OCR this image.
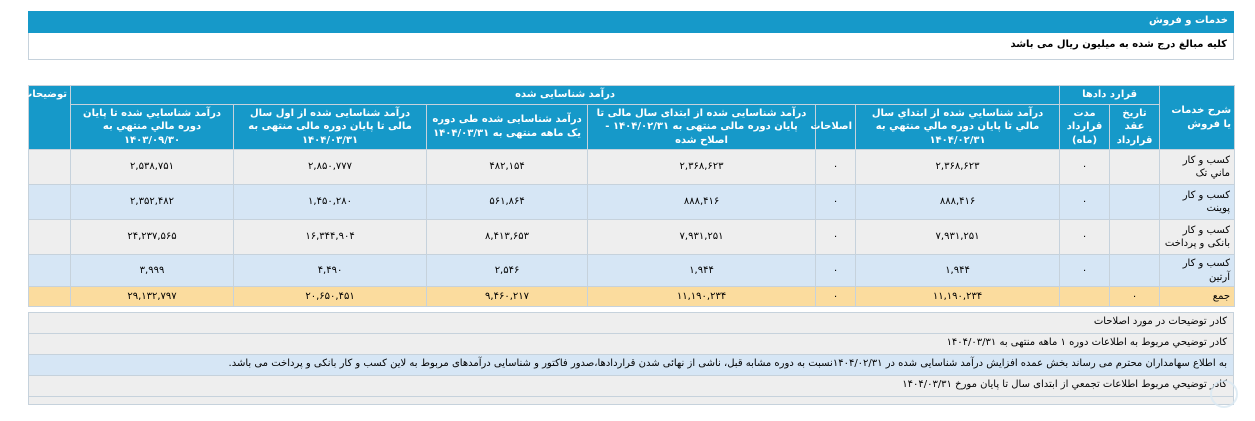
خدمات و فروش
کلیه مبالغ درج شده به میلیون ریال می باشد
شرح خدمات یا فروش	قرارد دادها		درآمد شناسایی شده						توضیحات
	تاریخ عقد قرارداد	مدت قرارداد (ماه)	درآمد شناسايي شده از ابتداي سال مالي تا پايان دوره مالي منتهي به ۱۴۰۴/۰۲/۳۱	اصلاحات	درآمد شناسایی شده از ابتدای سال مالی تا پایان دوره مالی منتهی به ۱۴۰۴/۰۲/۳۱ - اصلاح شده	درآمد شناسایی شده طی دوره یک ماهه منتهی به ۱۴۰۴/۰۳/۳۱	درآمد شناسایی شده از اول سال مالی تا پایان دوره مالی منتهی به ۱۴۰۴/۰۳/۳۱	درآمد شناسايي شده تا پايان دوره مالي منتهي به ۱۴۰۳/۰۹/۳۰	
کسب و کار ماني تک		۰	۲,۳۶۸,۶۲۳	۰	۲,۳۶۸,۶۲۳	۴۸۲,۱۵۴	۲,۸۵۰,۷۷۷	۲,۵۳۸,۷۵۱	
کسب و کار پوینت		۰	۸۸۸,۴۱۶	۰	۸۸۸,۴۱۶	۵۶۱,۸۶۴	۱,۴۵۰,۲۸۰	۲,۳۵۲,۴۸۲	
کسب و کار بانکی و پرداخت		۰	۷,۹۳۱,۲۵۱	۰	۷,۹۳۱,۲۵۱	۸,۴۱۳,۶۵۳	۱۶,۳۴۴,۹۰۴	۲۴,۲۳۷,۵۶۵	
کسب و کار آرتین		۰	۱,۹۴۴	۰	۱,۹۴۴	۲,۵۴۶	۴,۴۹۰	۳,۹۹۹	
جمع	۰		۱۱,۱۹۰,۲۳۴	۰	۱۱,۱۹۰,۲۳۴	۹,۴۶۰,۲۱۷	۲۰,۶۵۰,۴۵۱	۲۹,۱۳۲,۷۹۷	
کادر توضیحات در مورد اصلاحات
کادر توضیحي مربوط به اطلاعات دوره ۱ ماهه منتهی به ۱۴۰۴/۰۳/۳۱
به اطلاع سهامداران محترم می رساند بخش عمده افزایش درآمد شناسایی شده در ۱۴۰۴/۰۲/۳۱نسبت به دوره مشابه قبل، ناشی از نهائی شدن قراردادها،صدور فاکتور و شناسایی درآمدهای مربوط به لاین کسب و کار بانکی و پرداخت می باشد.
کادر توضیحي مربوط اطلاعات تجمعي از ابتدای سال تا پایان مورخ ۱۴۰۴/۰۳/۳۱
